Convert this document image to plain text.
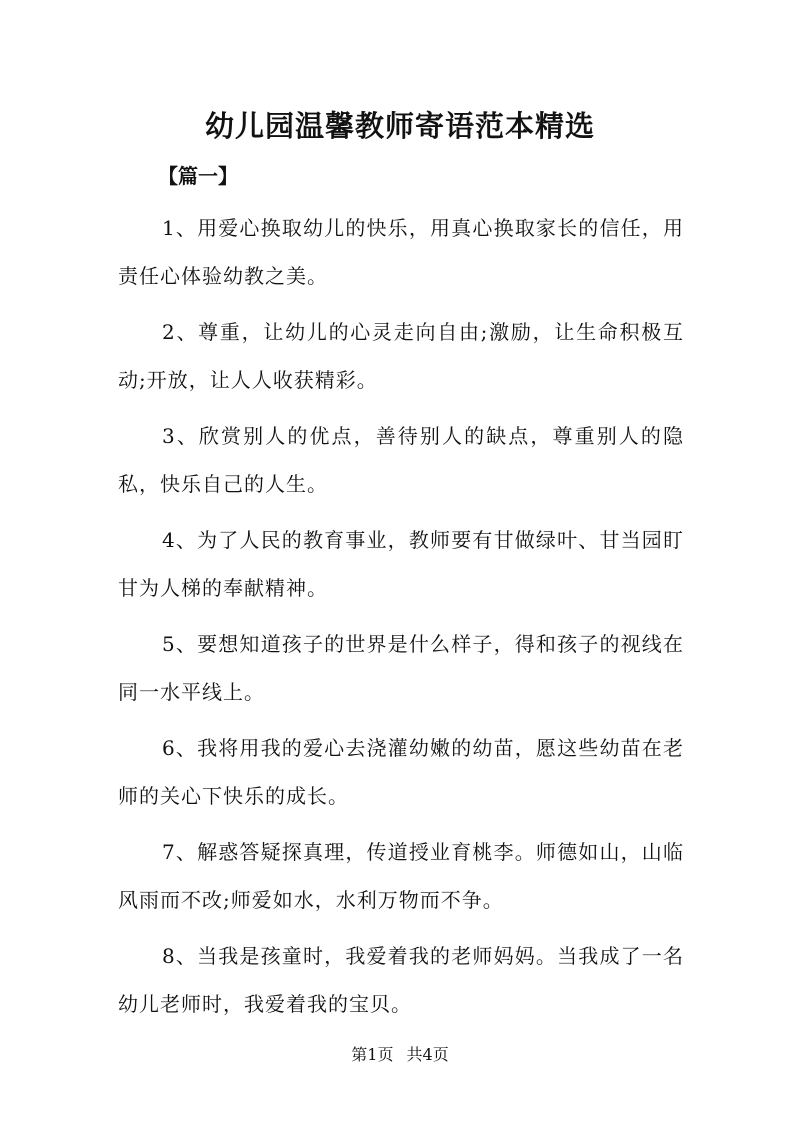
幼儿园温馨教师寄语范本精选
【篇一】

1、用爱心换取幼儿的快乐，用真心换取家长的信任，用责任心体验幼教之美。

2、尊重，让幼儿的心灵走向自由;激励，让生命积极互动;开放，让人人收获精彩。

3、欣赏别人的优点，善待别人的缺点，尊重别人的隐私，快乐自己的人生。

4、为了人民的教育事业，教师要有甘做绿叶、甘当园盯甘为人梯的奉献精神。

5、要想知道孩子的世界是什么样子，得和孩子的视线在同一水平线上。

6、我将用我的爱心去浇灌幼嫩的幼苗，愿这些幼苗在老师的关心下快乐的成长。

7、解惑答疑探真理，传道授业育桃李。师德如山，山临风雨而不改;师爱如水，水利万物而不争。

8、当我是孩童时，我爱着我的老师妈妈。当我成了一名幼儿老师时，我爱着我的宝贝。

第1页 共4页
